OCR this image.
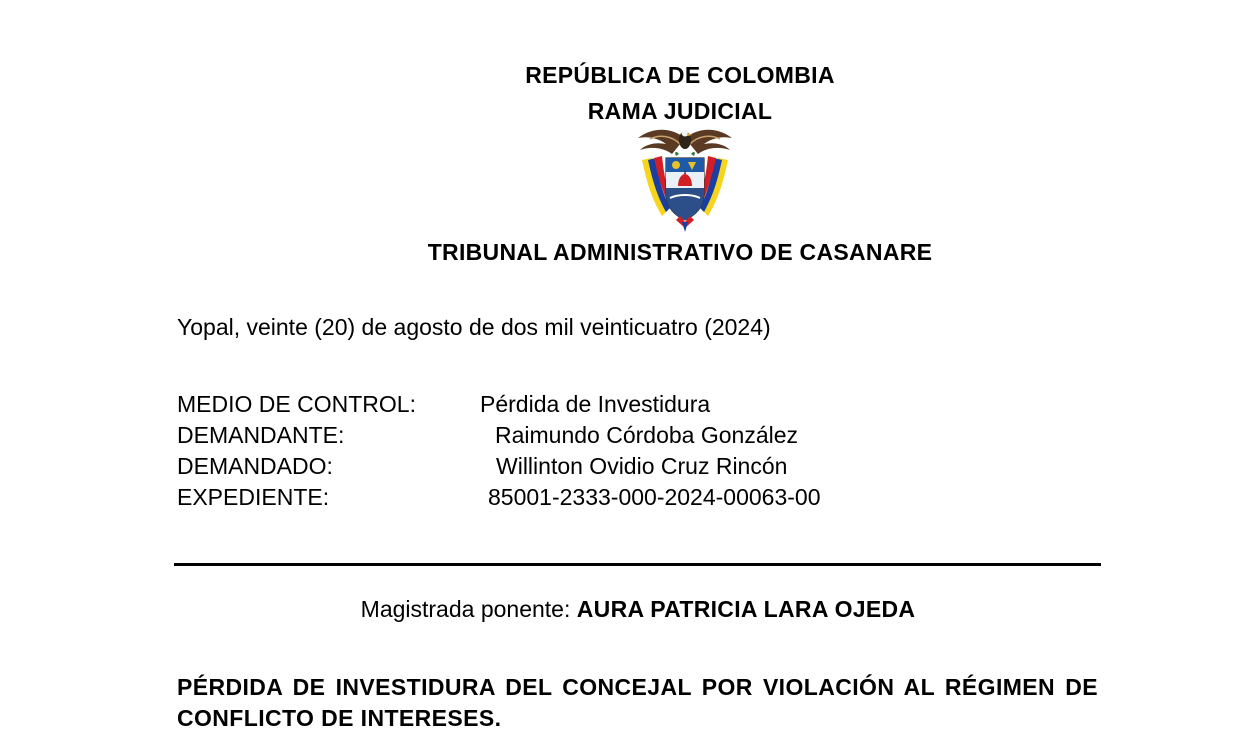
REPÚBLICA DE COLOMBIA
RAMA JUDICIAL
TRIBUNAL ADMINISTRATIVO DE CASANARE
Yopal, veinte (20) de agosto de dos mil veinticuatro (2024)
MEDIO DE CONTROL:	Pérdida de Investidura
DEMANDANTE:	Raimundo Córdoba González
DEMANDADO:	Willinton Ovidio Cruz Rincón
EXPEDIENTE:	85001-2333-000-2024-00063-00
Magistrada ponente: AURA PATRICIA LARA OJEDA
PÉRDIDA DE INVESTIDURA DEL CONCEJAL POR VIOLACIÓN AL RÉGIMEN DE CONFLICTO DE INTERESES.
